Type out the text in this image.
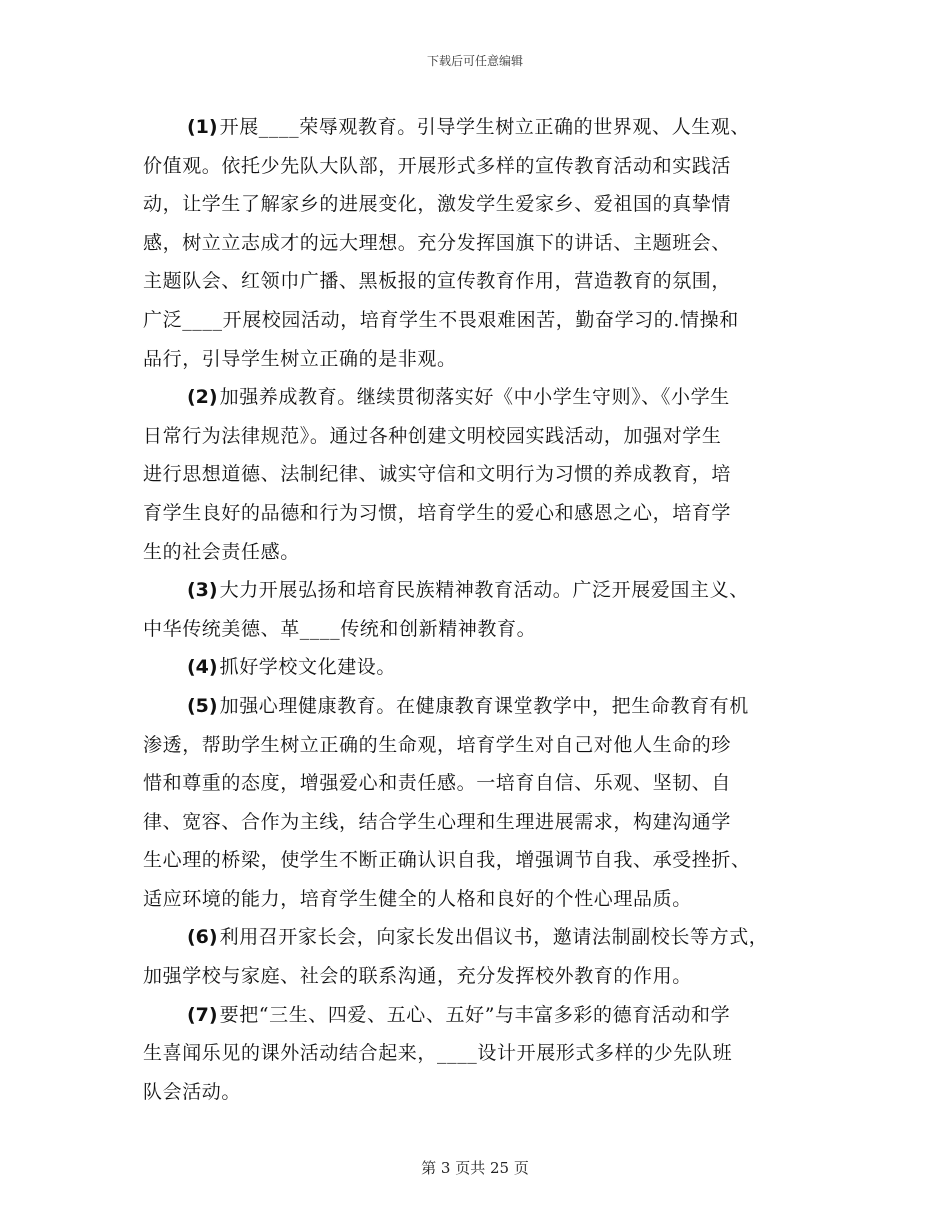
下载后可任意编辑
(1) 开展____荣辱观教育。引导学生树立正确的世界观、人生观、
价值观。依托少先队大队部，开展形式多样的宣传教育活动和实践活
动，让学生了解家乡的进展变化，激发学生爱家乡、爱祖国的真挚情
感，树立立志成才的远大理想。充分发挥国旗下的讲话、主题班会、
主题队会、红领巾广播、黑板报的宣传教育作用，营造教育的氛围，
广泛____开展校园活动，培育学生不畏艰难困苦，勤奋学习的.情操和
品行，引导学生树立正确的是非观。
(2) 加强养成教育。继续贯彻落实好《中小学生守则》、《小学生
日常行为法律规范》。通过各种创建文明校园实践活动，加强对学生
进行思想道德、法制纪律、诚实守信和文明行为习惯的养成教育，培
育学生良好的品德和行为习惯，培育学生的爱心和感恩之心，培育学
生的社会责任感。
(3) 大力开展弘扬和培育民族精神教育活动。广泛开展爱国主义、
中华传统美德、革____传统和创新精神教育。
(4) 抓好学校文化建设。
(5) 加强心理健康教育。在健康教育课堂教学中，把生命教育有机
渗透，帮助学生树立正确的生命观，培育学生对自己对他人生命的珍
惜和尊重的态度，增强爱心和责任感。一培育自信、乐观、坚韧、自
律、宽容、合作为主线，结合学生心理和生理进展需求，构建沟通学
生心理的桥梁，使学生不断正确认识自我，增强调节自我、承受挫折、
适应环境的能力，培育学生健全的人格和良好的个性心理品质。
(6) 利用召开家长会，向家长发出倡议书，邀请法制副校长等方式，
加强学校与家庭、社会的联系沟通，充分发挥校外教育的作用。
(7) 要把“三生、四爱、五心、五好”与丰富多彩的德育活动和学
生喜闻乐见的课外活动结合起来，____设计开展形式多样的少先队班
队会活动。
第 3 页共 25 页
